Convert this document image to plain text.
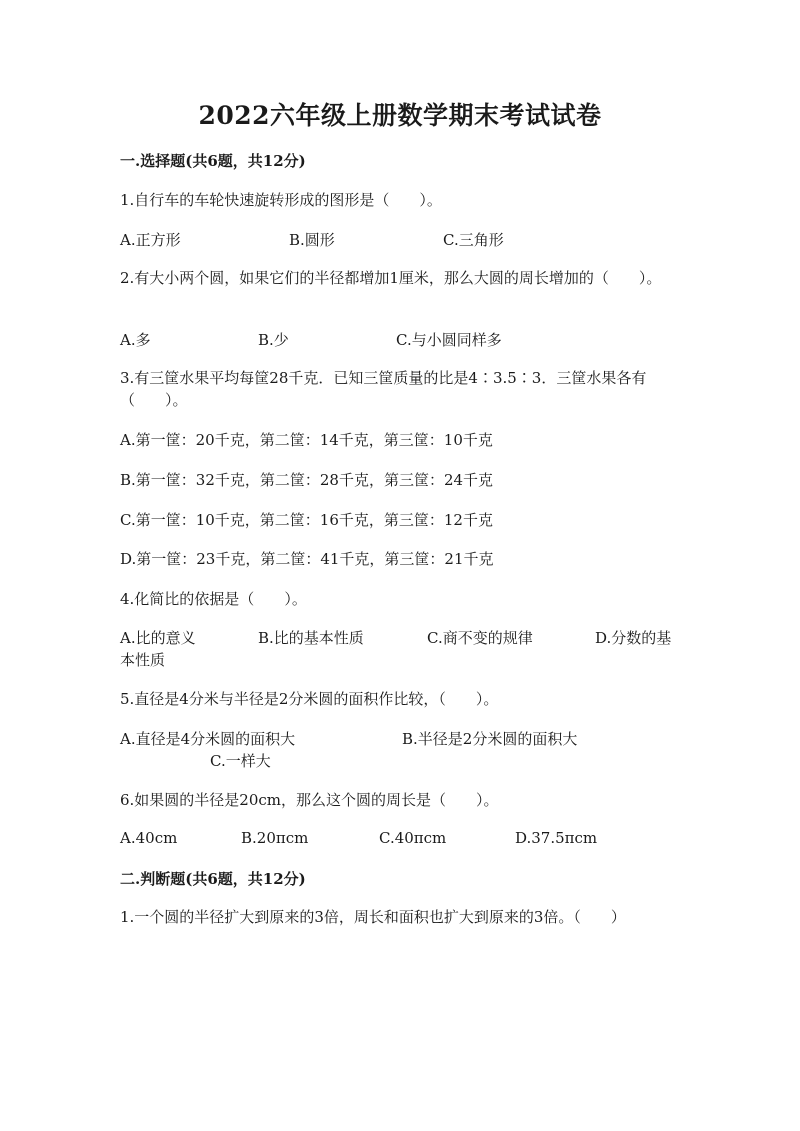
2022六年级上册数学期末考试试卷
一.选择题(共6题，共12分)
1.自行车的车轮快速旋转形成的图形是（　　）。
A.正方形	B.圆形	C.三角形
2.有大小两个圆，如果它们的半径都增加1厘米，那么大圆的周长增加的（　　）。
A.多	B.少	C.与小圆同样多
3.有三筐水果平均每筐28千克．已知三筐质量的比是4∶3.5∶3．三筐水果各有（　　）。
A.第一筐：20千克，第二筐：14千克，第三筐：10千克
B.第一筐：32千克，第二筐：28千克，第三筐：24千克
C.第一筐：10千克，第二筐：16千克，第三筐：12千克
D.第一筐：23千克，第二筐：41千克，第三筐：21千克
4.化简比的依据是（　　）。
A.比的意义	B.比的基本性质	C.商不变的规律	D.分数的基本性质
5.直径是4分米与半径是2分米圆的面积作比较，（　　）。
A.直径是4分米圆的面积大	B.半径是2分米圆的面积大
C.一样大
6.如果圆的半径是20cm，那么这个圆的周长是（　　）。
A.40cm	B.20πcm	C.40πcm	D.37.5πcm
二.判断题(共6题，共12分)
1.一个圆的半径扩大到原来的3倍，周长和面积也扩大到原来的3倍。（　　）
